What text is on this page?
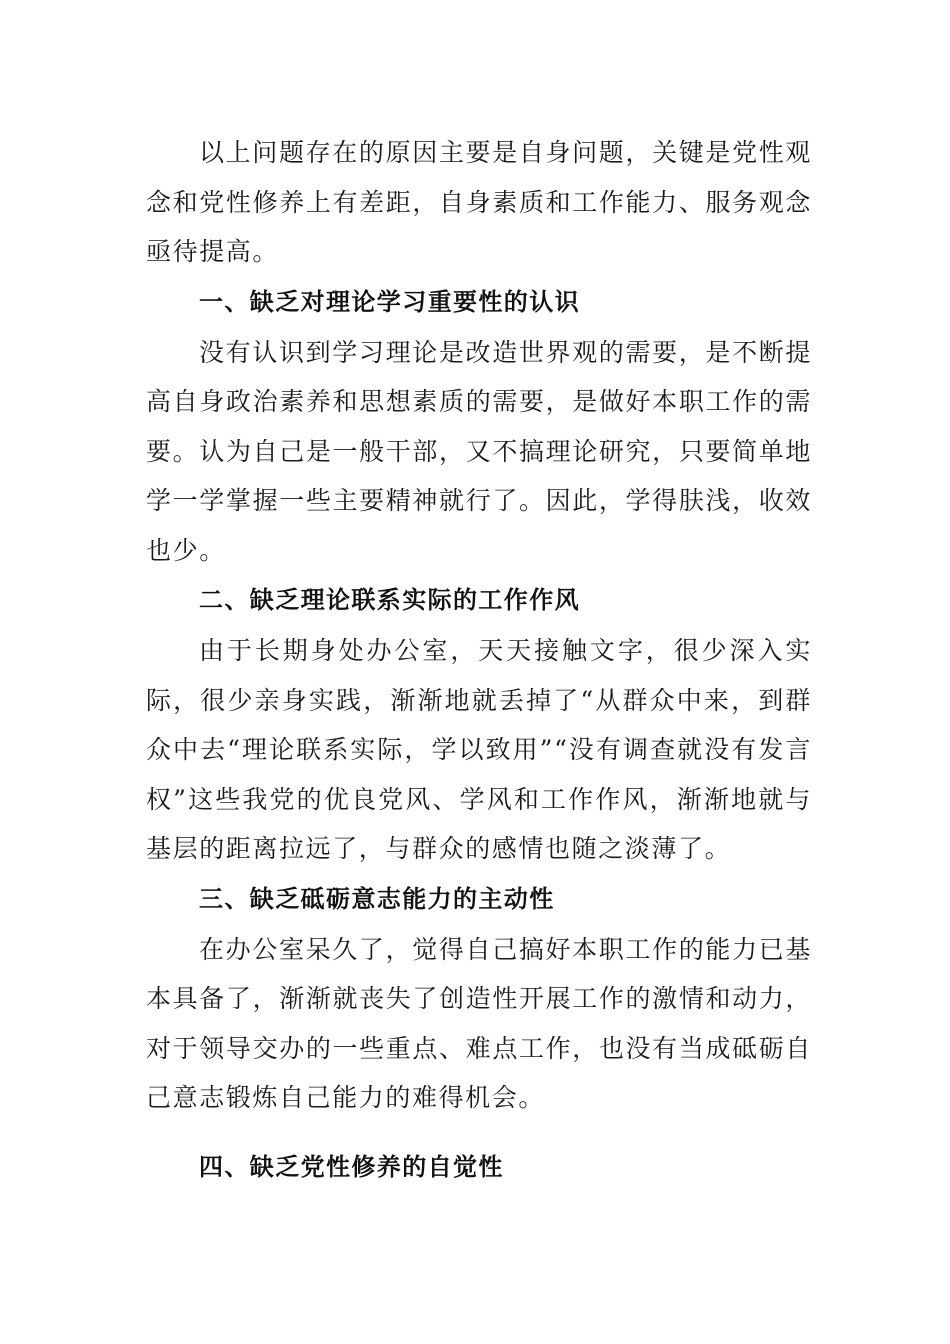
以上问题存在的原因主要是自身问题，关键是党性观念和党性修养上有差距，自身素质和工作能力、服务观念亟待提高。

一、缺乏对理论学习重要性的认识

没有认识到学习理论是改造世界观的需要，是不断提高自身政治素养和思想素质的需要，是做好本职工作的需要。认为自己是一般干部，又不搞理论研究，只要简单地学一学掌握一些主要精神就行了。因此，学得肤浅，收效也少。

二、缺乏理论联系实际的工作作风

由于长期身处办公室，天天接触文字，很少深入实际，很少亲身实践，渐渐地就丢掉了“从群众中来，到群众中去“理论联系实际，学以致用”“没有调查就没有发言权”这些我党的优良党风、学风和工作作风，渐渐地就与基层的距离拉远了，与群众的感情也随之淡薄了。

三、缺乏砥砺意志能力的主动性

在办公室呆久了，觉得自己搞好本职工作的能力已基本具备了，渐渐就丧失了创造性开展工作的激情和动力，对于领导交办的一些重点、难点工作，也没有当成砥砺自己意志锻炼自己能力的难得机会。

四、缺乏党性修养的自觉性
